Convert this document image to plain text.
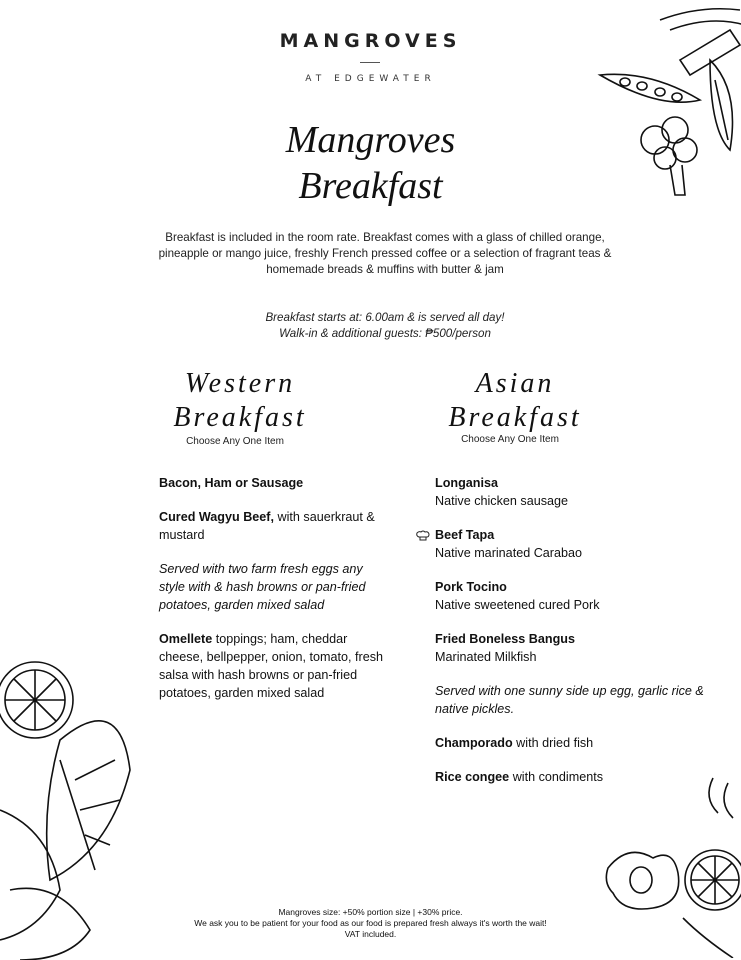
MANGROVES
AT EDGEWATER
Mangroves
Breakfast
Breakfast is included in the room rate. Breakfast comes with a glass of chilled orange, pineapple or mango juice, freshly French pressed coffee or a selection of fragrant teas & homemade breads & muffins with butter & jam
Breakfast starts at: 6.00am & is served all day!
Walk-in & additional guests: ₱500/person
Western
Breakfast
Choose Any One Item
Bacon, Ham or Sausage
Cured Wagyu Beef, with sauerkraut & mustard
Served with two farm fresh eggs any style with & hash browns or pan-fried potatoes, garden mixed salad
Omellete toppings; ham, cheddar cheese, bellpepper, onion, tomato, fresh salsa with hash browns or pan-fried potatoes, garden mixed salad
Asian
Breakfast
Choose Any One Item
Longanisa
Native chicken sausage
Beef Tapa
Native marinated Carabao
Pork Tocino
Native sweetened cured Pork
Fried Boneless Bangus
Marinated Milkfish
Served with one sunny side up egg, garlic rice & native pickles.
Champorado with dried fish
Rice congee with condiments
Mangroves size: +50% portion size | +30% price.
We ask you to be patient for your food as our food is prepared fresh always it's worth the wait!
VAT included.
